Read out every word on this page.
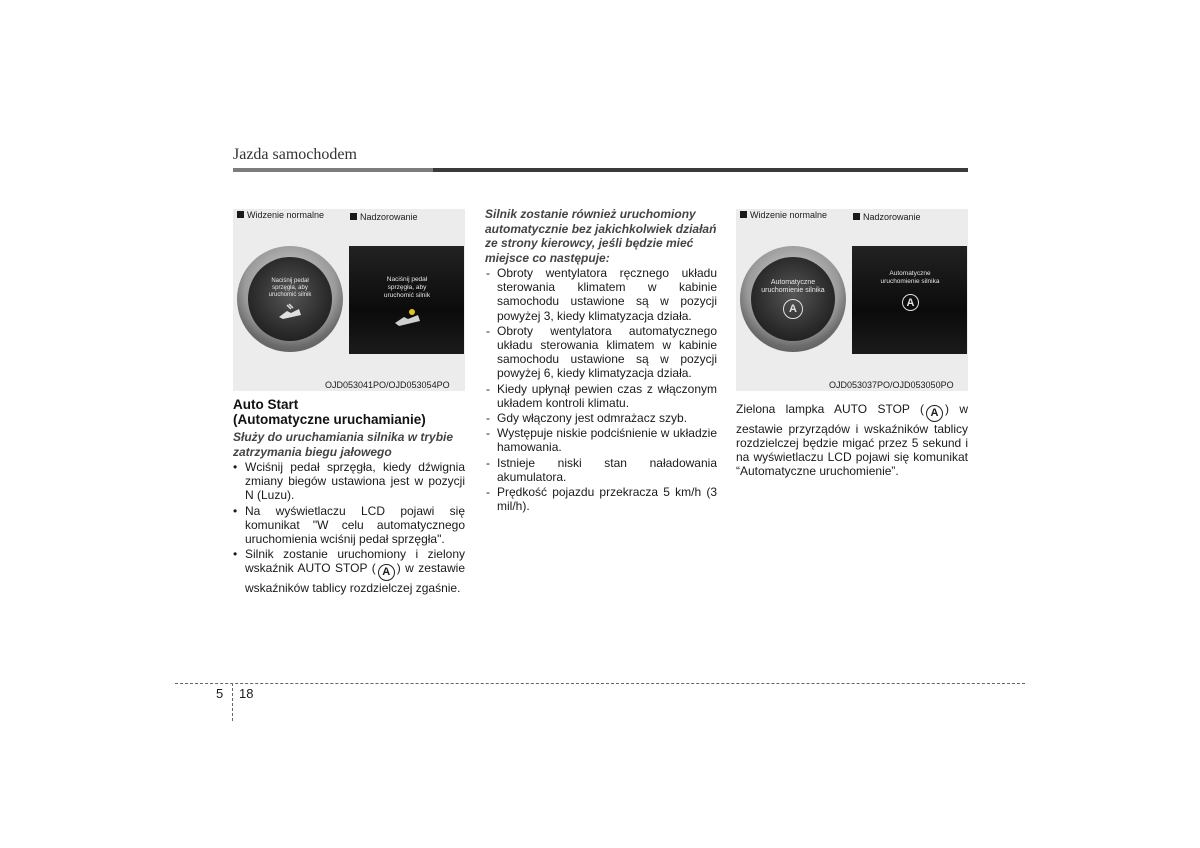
Jazda samochodem
Widzenie normalne	Nadzorowanie
Naciśnij pedał sprzęgła, aby uruchomić silnik
Naciśnij pedał sprzęgła, aby uruchomić silnik
OJD053041PO/OJD053054PO
Auto Start
(Automatyczne uruchamianie)
Służy do uruchamiania silnika w trybie zatrzymania biegu jałowego
• Wciśnij pedał sprzęgła, kiedy dźwignia zmiany biegów ustawiona jest w pozycji N (Luzu).
• Na wyświetlaczu LCD pojawi się komunikat "W celu automatycznego uruchomienia wciśnij pedał sprzęgła".
• Silnik zostanie uruchomiony i zielony wskaźnik AUTO STOP ( A ) w zestawie wskaźników tablicy rozdzielczej zgaśnie.
Silnik zostanie również uruchomiony automatycznie bez jakichkolwiek działań ze strony kierowcy, jeśli będzie mieć miejsce co następuje:
- Obroty wentylatora ręcznego układu sterowania klimatem w kabinie samochodu ustawione są w pozycji powyżej 3, kiedy klimatyzacja działa.
- Obroty wentylatora automatycznego układu sterowania klimatem w kabinie samochodu ustawione są w pozycji powyżej 6, kiedy klimatyzacja działa.
- Kiedy upłynął pewien czas z włączonym układem kontroli klimatu.
- Gdy włączony jest odmrażacz szyb.
- Występuje niskie podciśnienie w układzie hamowania.
- Istnieje niski stan naładowania akumulatora.
- Prędkość pojazdu przekracza 5 km/h (3 mil/h).
Widzenie normalne	Nadzorowanie
Automatyczne uruchomienie silnika
A
Automatyczne uruchomienie silnika
A
OJD053037PO/OJD053050PO
Zielona lampka AUTO STOP ( A ) w zestawie przyrządów i wskaźników tablicy rozdzielczej będzie migać przez 5 sekund i na wyświetlaczu LCD pojawi się komunikat “Automatyczne uruchomienie”.
5 18
